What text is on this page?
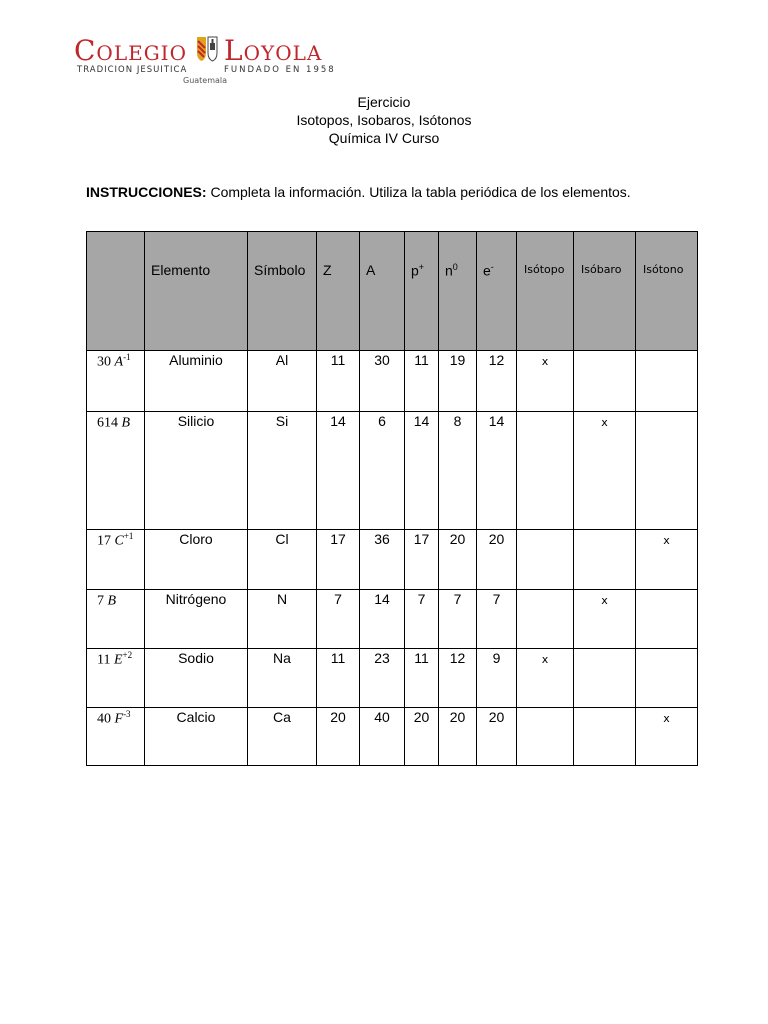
Colegio Loyola
TRADICION JESUITICA	FUNDADO EN 1958
Guatemala
Ejercicio
Isotopos, Isobaros, Isótonos
Química IV Curso
INSTRUCCIONES: Completa la información. Utiliza la tabla periódica de los elementos.

	Elemento	Símbolo	Z	A	p+	$n^0$	e-	Isótopo	Isóbaro	Isótono

30 $A^{-1}$	Aluminio	Al	11	30	11	19	12	x		

614 B	Silicio	Si	14	6	14	8	14		x	

17 $C^{+1}$	Cloro	Cl	17	36	17	20	20			x

7 B	Nitrógeno	N	7	14	7	7	7		x	

11 $E^{+2}$	Sodio	Na	11	23	11	12	9	x		

40 $F^{-3}$	Calcio	Ca	20	40	20	20	20			x
